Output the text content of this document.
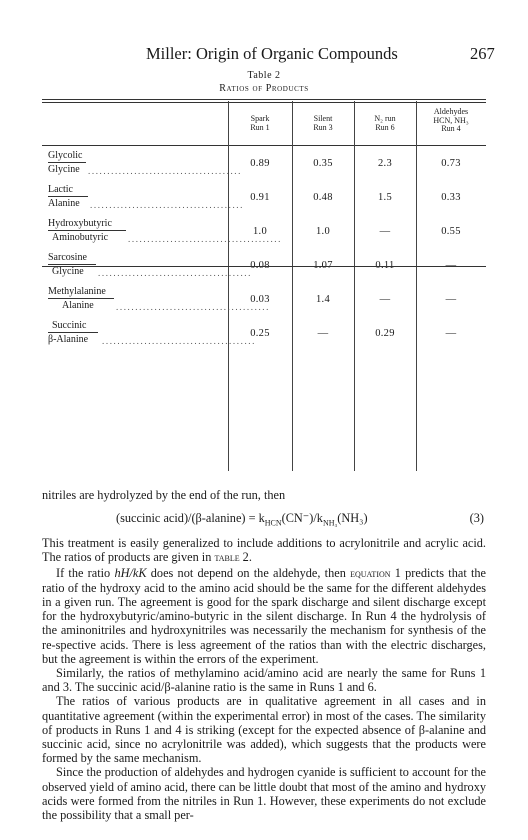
Miller: Origin of Organic Compounds	267
Table 2
Ratios of Products
Spark
Run 1
Silent
Run 3
N₂ run
Run 6
Aldehydes
HCN, NH₃
Run 4
Glycolic
Glycine ........................................
0.89	0.35	2.3	0.73
Lactic
Alanine ........................................
0.91	0.48	1.5	0.33
Hydroxybutyric
Aminobutyric ........................................
1.0	1.0	—	0.55
Sarcosine
Glycine ........................................
0.08	1.07	0.11	—
Methylalanine
Alanine ........................................
0.03	1.4	—	—
Succinic
β-Alanine ........................................
0.25	—	0.29	—

nitriles are hydrolyzed by the end of the run, then

(succinic acid)/(β-alanine) = $k_{HCN}(CN^-)/k_{NH_3}(NH_3)$	(3)

This treatment is easily generalized to include additions to acrylonitrile and acrylic acid. The ratios of products are given in table 2.

If the ratio hH/kK does not depend on the aldehyde, then equation 1 predicts that the ratio of the hydroxy acid to the amino acid should be the same for the different aldehydes in a given run. The agreement is good for the spark discharge and silent discharge except for the hydroxybutyric/amino-butyric in the silent discharge. In Run 4 the hydrolysis of the aminonitriles and hydroxynitriles was necessarily the mechanism for synthesis of the re-spective acids. There is less agreement of the ratios than with the electric discharges, but the agreement is within the errors of the experiment.

Similarly, the ratios of methylamino acid/amino acid are nearly the same for Runs 1 and 3. The succinic acid/β-alanine ratio is the same in Runs 1 and 6.

The ratios of various products are in qualitative agreement in all cases and in quantitative agreement (within the experimental error) in most of the cases. The similarity of products in Runs 1 and 4 is striking (except for the expected absence of β-alanine and succinic acid, since no acrylonitrile was added), which suggests that the products were formed by the same mechanism.

Since the production of aldehydes and hydrogen cyanide is sufficient to account for the observed yield of amino acid, there can be little doubt that most of the amino and hydroxy acids were formed from the nitriles in Run 1. However, these experiments do not exclude the possibility that a small per-
